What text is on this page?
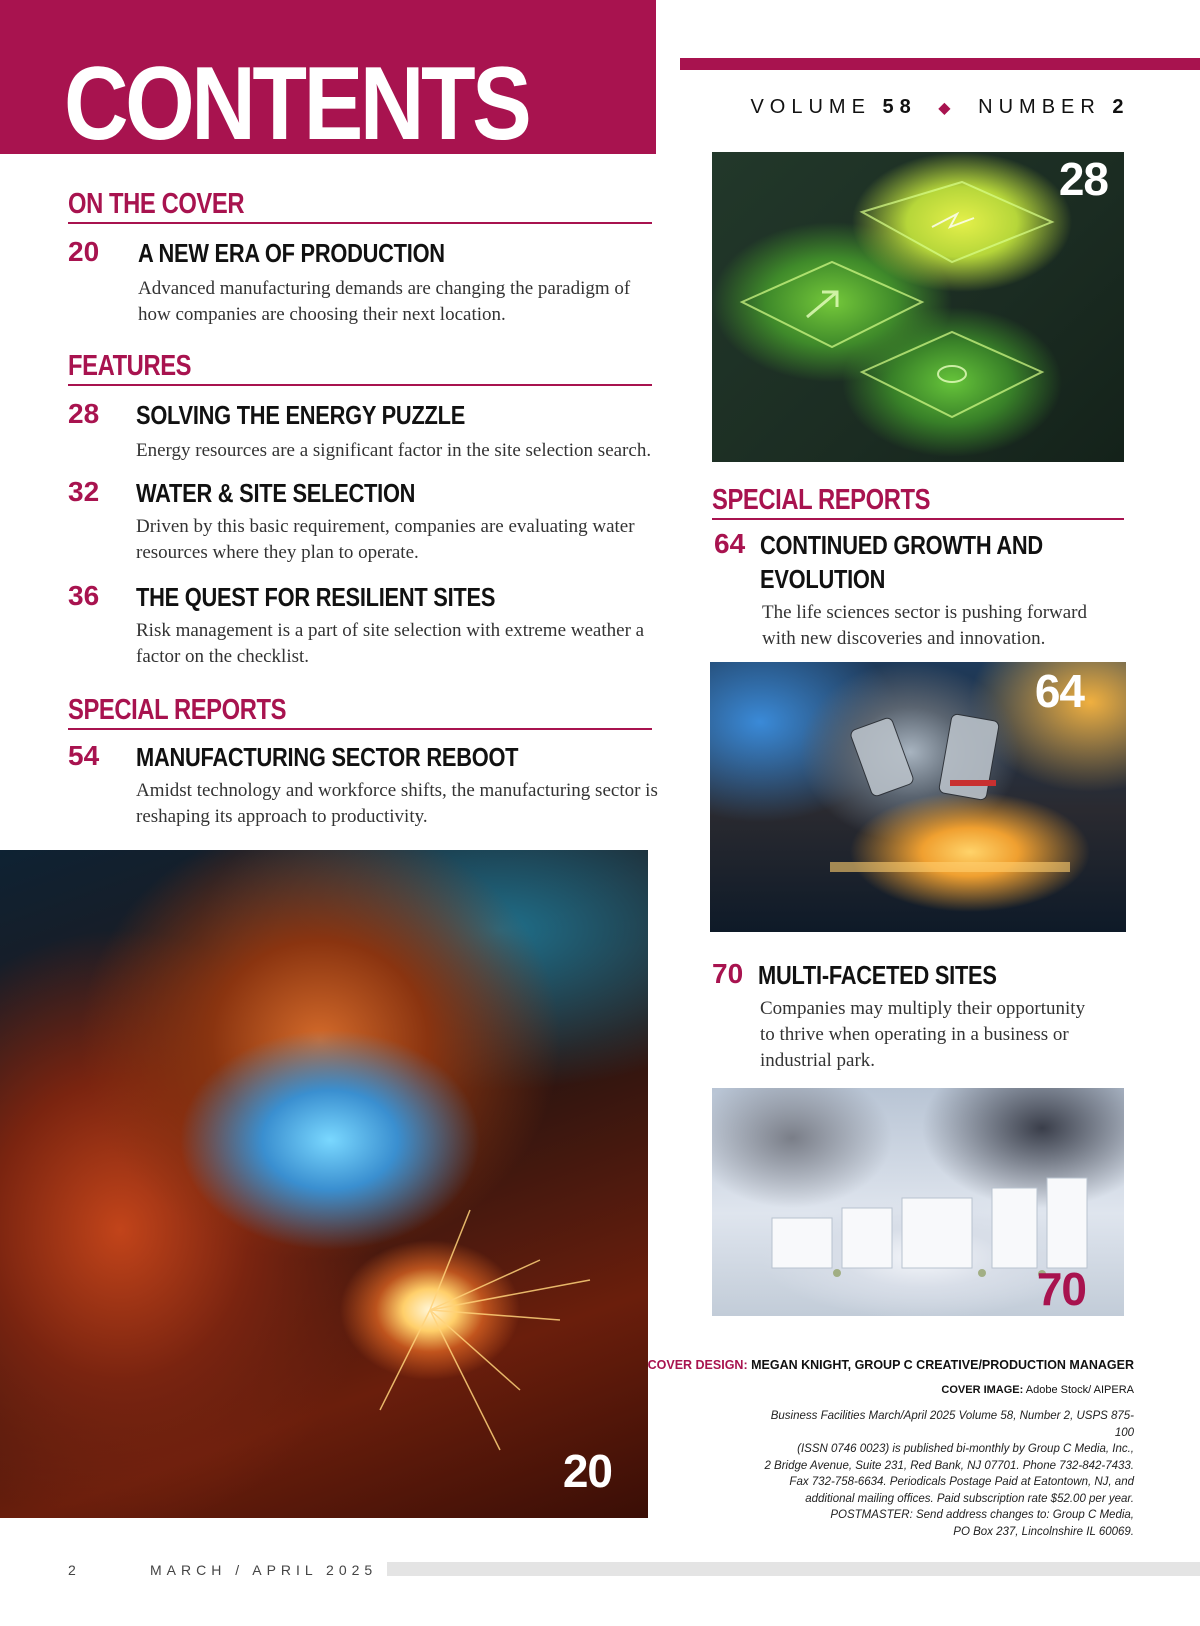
CONTENTS	VOLUME 58 ◆ NUMBER 2
ON THE COVER
20 A NEW ERA OF PRODUCTION
Advanced manufacturing demands are changing the paradigm of how companies are choosing their next location.
FEATURES
28 SOLVING THE ENERGY PUZZLE
Energy resources are a significant factor in the site selection search.
32 WATER & SITE SELECTION
Driven by this basic requirement, companies are evaluating water resources where they plan to operate.
36 THE QUEST FOR RESILIENT SITES
Risk management is a part of site selection with extreme weather a factor on the checklist.
SPECIAL REPORTS
54 MANUFACTURING SECTOR REBOOT
Amidst technology and workforce shifts, the manufacturing sector is reshaping its approach to productivity.
20
28
SPECIAL REPORTS
64 CONTINUED GROWTH AND
EVOLUTION
The life sciences sector is pushing forward with new discoveries and innovation.
64
70 MULTI-FACETED SITES
Companies may multiply their opportunity to thrive when operating in a business or industrial park.
70
COVER DESIGN: MEGAN KNIGHT, GROUP C CREATIVE/PRODUCTION MANAGER
COVER IMAGE: Adobe Stock/ AIPERA
Business Facilities March/April 2025 Volume 58, Number 2, USPS 875-100
(ISSN 0746 0023) is published bi-monthly by Group C Media, Inc.,
2 Bridge Avenue, Suite 231, Red Bank, NJ 07701. Phone 732-842-7433.
Fax 732-758-6634. Periodicals Postage Paid at Eatontown, NJ, and
additional mailing offices. Paid subscription rate $52.00 per year.
POSTMASTER: Send address changes to: Group C Media,
PO Box 237, Lincolnshire IL 60069.
2	MARCH / APRIL 2025
